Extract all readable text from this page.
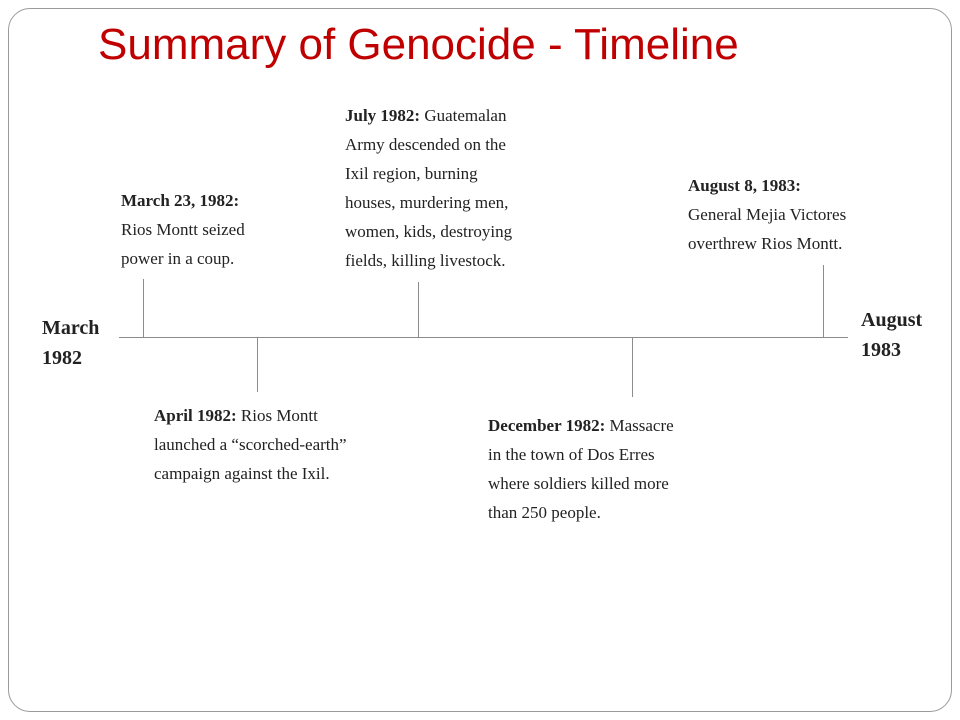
Summary of Genocide - Timeline
March
1982
August
1983
March 23, 1982:
Rios Montt seized
power in a coup.
April 1982: Rios Montt
launched a “scorched-earth”
campaign against the Ixil.
July 1982: Guatemalan
Army descended on the
Ixil region, burning
houses, murdering men,
women, kids, destroying
fields, killing livestock.
December 1982: Massacre
in the town of Dos Erres
where soldiers killed more
than 250 people.
August 8, 1983:
General Mejia Victores
overthrew Rios Montt.
